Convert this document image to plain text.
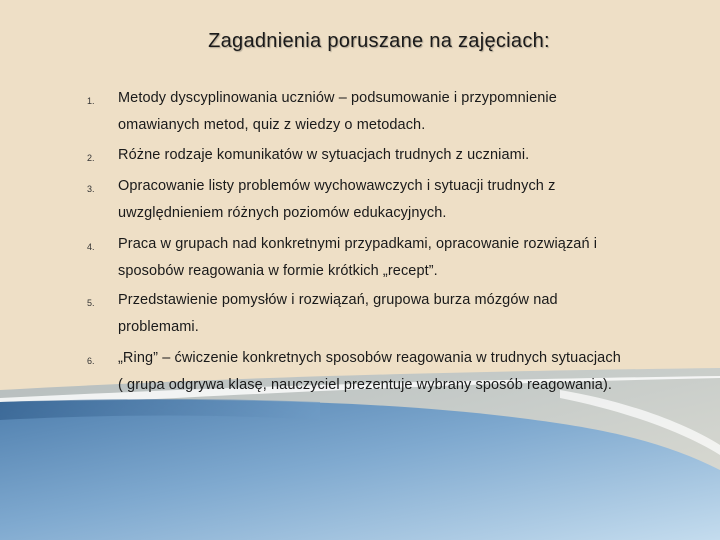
Zagadnienia poruszane na zajęciach:
1.	Metody dyscyplinowania uczniów – podsumowanie i przypomnienie
omawianych metod, quiz z wiedzy o metodach.
2.	Różne rodzaje komunikatów w sytuacjach trudnych z uczniami.
3.	Opracowanie listy problemów wychowawczych i sytuacji trudnych z
uwzględnieniem różnych poziomów edukacyjnych.
4.	Praca w grupach nad konkretnymi przypadkami, opracowanie rozwiązań i
sposobów reagowania w formie krótkich „recept”.
5.	Przedstawienie pomysłów i rozwiązań, grupowa burza mózgów nad
problemami.
6.	„Ring” – ćwiczenie konkretnych sposobów reagowania w trudnych sytuacjach
( grupa odgrywa klasę, nauczyciel prezentuje wybrany sposób reagowania).
